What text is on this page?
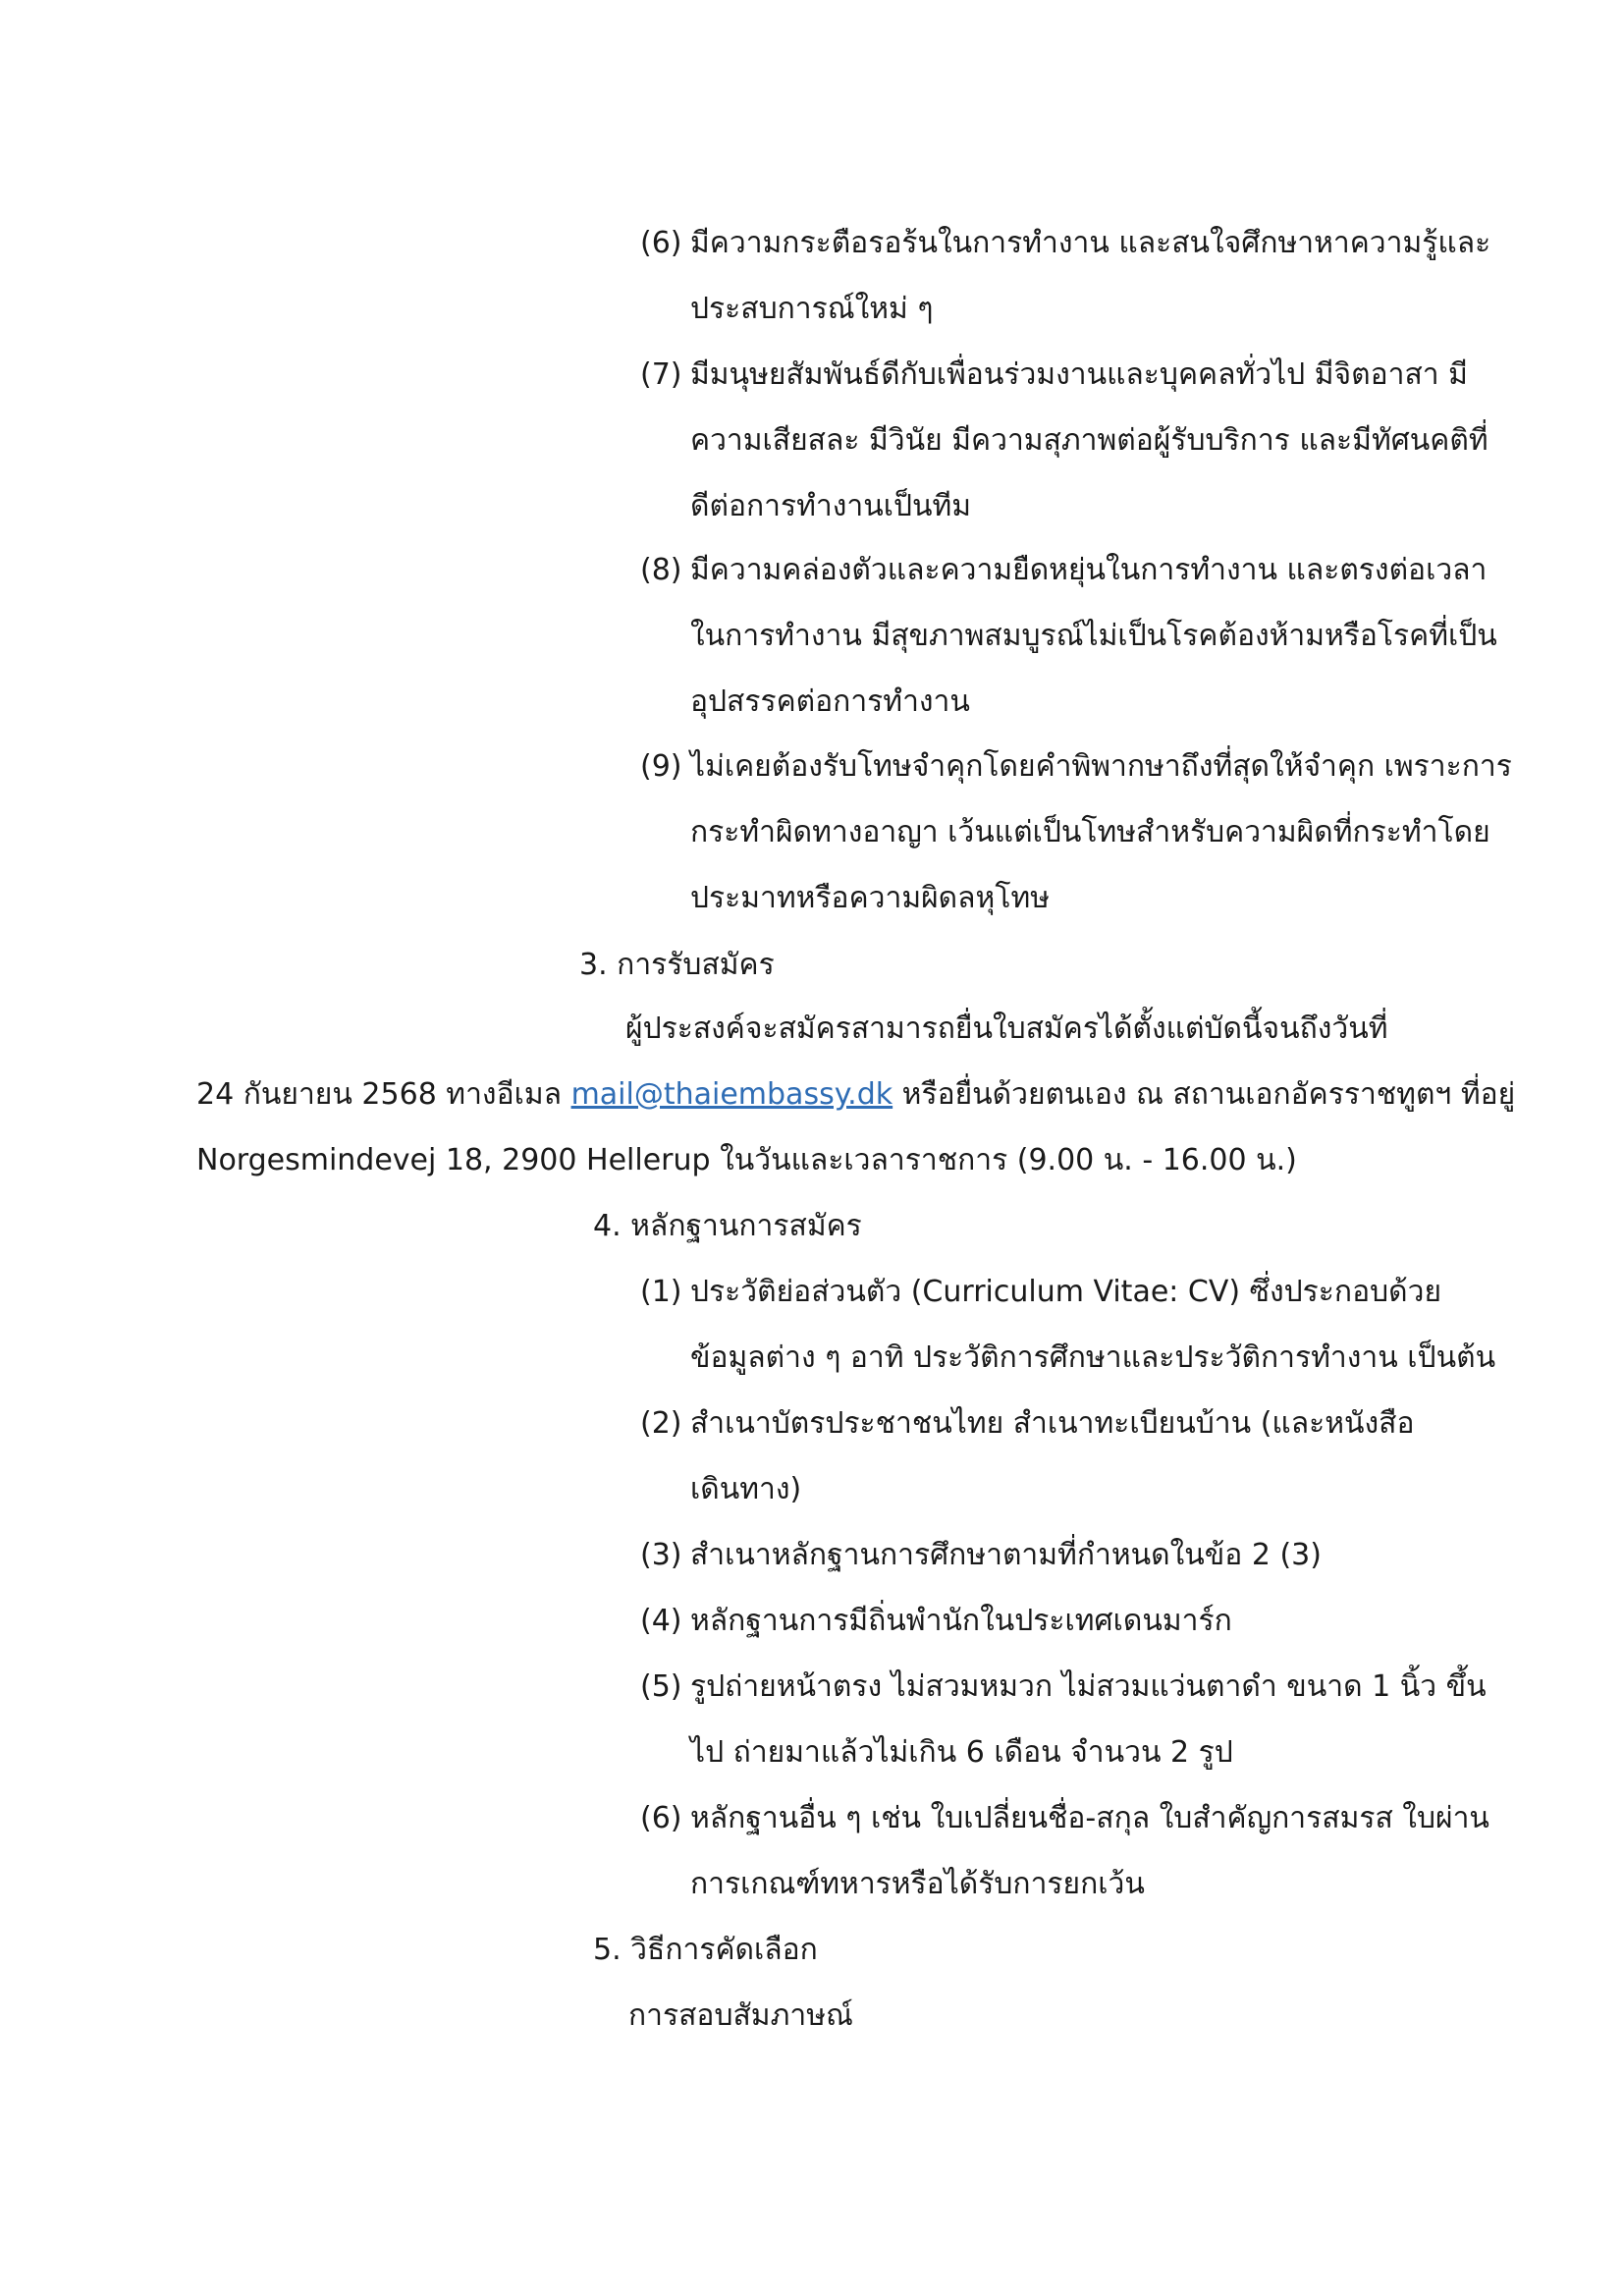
(6) มีความกระตือรอร้นในการทำงาน และสนใจศึกษาหาความรู้และ
ประสบการณ์ใหม่ ๆ
(7) มีมนุษยสัมพันธ์ดีกับเพื่อนร่วมงานและบุคคลทั่วไป มีจิตอาสา มี
ความเสียสละ มีวินัย มีความสุภาพต่อผู้รับบริการ และมีทัศนคติที่
ดีต่อการทำงานเป็นทีม
(8) มีความคล่องตัวและความยืดหยุ่นในการทำงาน และตรงต่อเวลา
ในการทำงาน มีสุขภาพสมบูรณ์ไม่เป็นโรคต้องห้ามหรือโรคที่เป็น
อุปสรรคต่อการทำงาน
(9) ไม่เคยต้องรับโทษจำคุกโดยคำพิพากษาถึงที่สุดให้จำคุก เพราะการ
กระทำผิดทางอาญา เว้นแต่เป็นโทษสำหรับความผิดที่กระทำโดย
ประมาทหรือความผิดลหุโทษ
3. การรับสมัคร
ผู้ประสงค์จะสมัครสามารถยื่นใบสมัครได้ตั้งแต่บัดนี้จนถึงวันที่
24 กันยายน 2568 ทางอีเมล mail@thaiembassy.dk หรือยื่นด้วยตนเอง ณ สถานเอกอัครราชทูตฯ ที่อยู่
Norgesmindevej 18, 2900 Hellerup ในวันและเวลาราชการ (9.00 น. - 16.00 น.)
4. หลักฐานการสมัคร
(1) ประวัติย่อส่วนตัว (Curriculum Vitae: CV) ซึ่งประกอบด้วย
ข้อมูลต่าง ๆ อาทิ ประวัติการศึกษาและประวัติการทำงาน เป็นต้น
(2) สำเนาบัตรประชาชนไทย สำเนาทะเบียนบ้าน (และหนังสือ
เดินทาง)
(3) สำเนาหลักฐานการศึกษาตามที่กำหนดในข้อ 2 (3)
(4) หลักฐานการมีถิ่นพำนักในประเทศเดนมาร์ก
(5) รูปถ่ายหน้าตรง ไม่สวมหมวก ไม่สวมแว่นตาดำ ขนาด 1 นิ้ว ขึ้น
ไป ถ่ายมาแล้วไม่เกิน 6 เดือน จำนวน 2 รูป
(6) หลักฐานอื่น ๆ เช่น ใบเปลี่ยนชื่อ-สกุล ใบสำคัญการสมรส ใบผ่าน
การเกณฑ์ทหารหรือได้รับการยกเว้น
5. วิธีการคัดเลือก
การสอบสัมภาษณ์
